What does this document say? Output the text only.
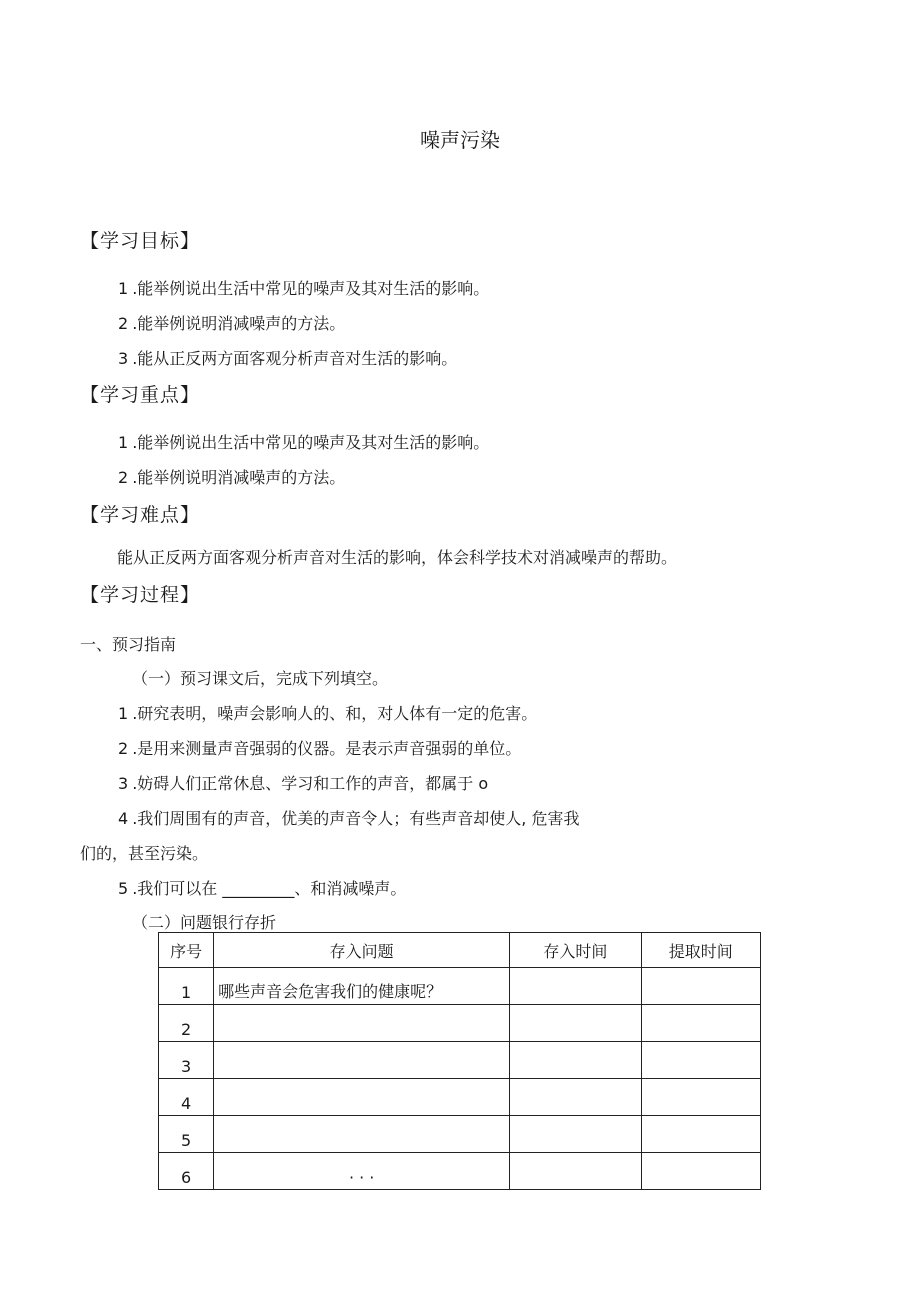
噪声污染
【学习目标】
1 .能举例说出生活中常见的噪声及其对生活的影响。
2 .能举例说明消减噪声的方法。
3 .能从正反两方面客观分析声音对生活的影响。
【学习重点】
1 .能举例说出生活中常见的噪声及其对生活的影响。
2 .能举例说明消减噪声的方法。
【学习难点】
能从正反两方面客观分析声音对生活的影响，体会科学技术对消减噪声的帮助。
【学习过程】
一、预习指南
（一）预习课文后，完成下列填空。
1 .研究表明，噪声会影响人的、和，对人体有一定的危害。
2 .是用来测量声音强弱的仪器。是表示声音强弱的单位。
3 .妨碍人们正常休息、学习和工作的声音，都属于 o
4 .我们周围有的声音，优美的声音令人；有些声音却使人, 危害我
们的，甚至污染。
5 .我们可以在 _________、和消减噪声。
（二）问题银行存折
序号	存入问题	存入时间	提取时间
1	哪些声音会危害我们的健康呢？		
2			
3			
4			
5			
6	· · ·		
